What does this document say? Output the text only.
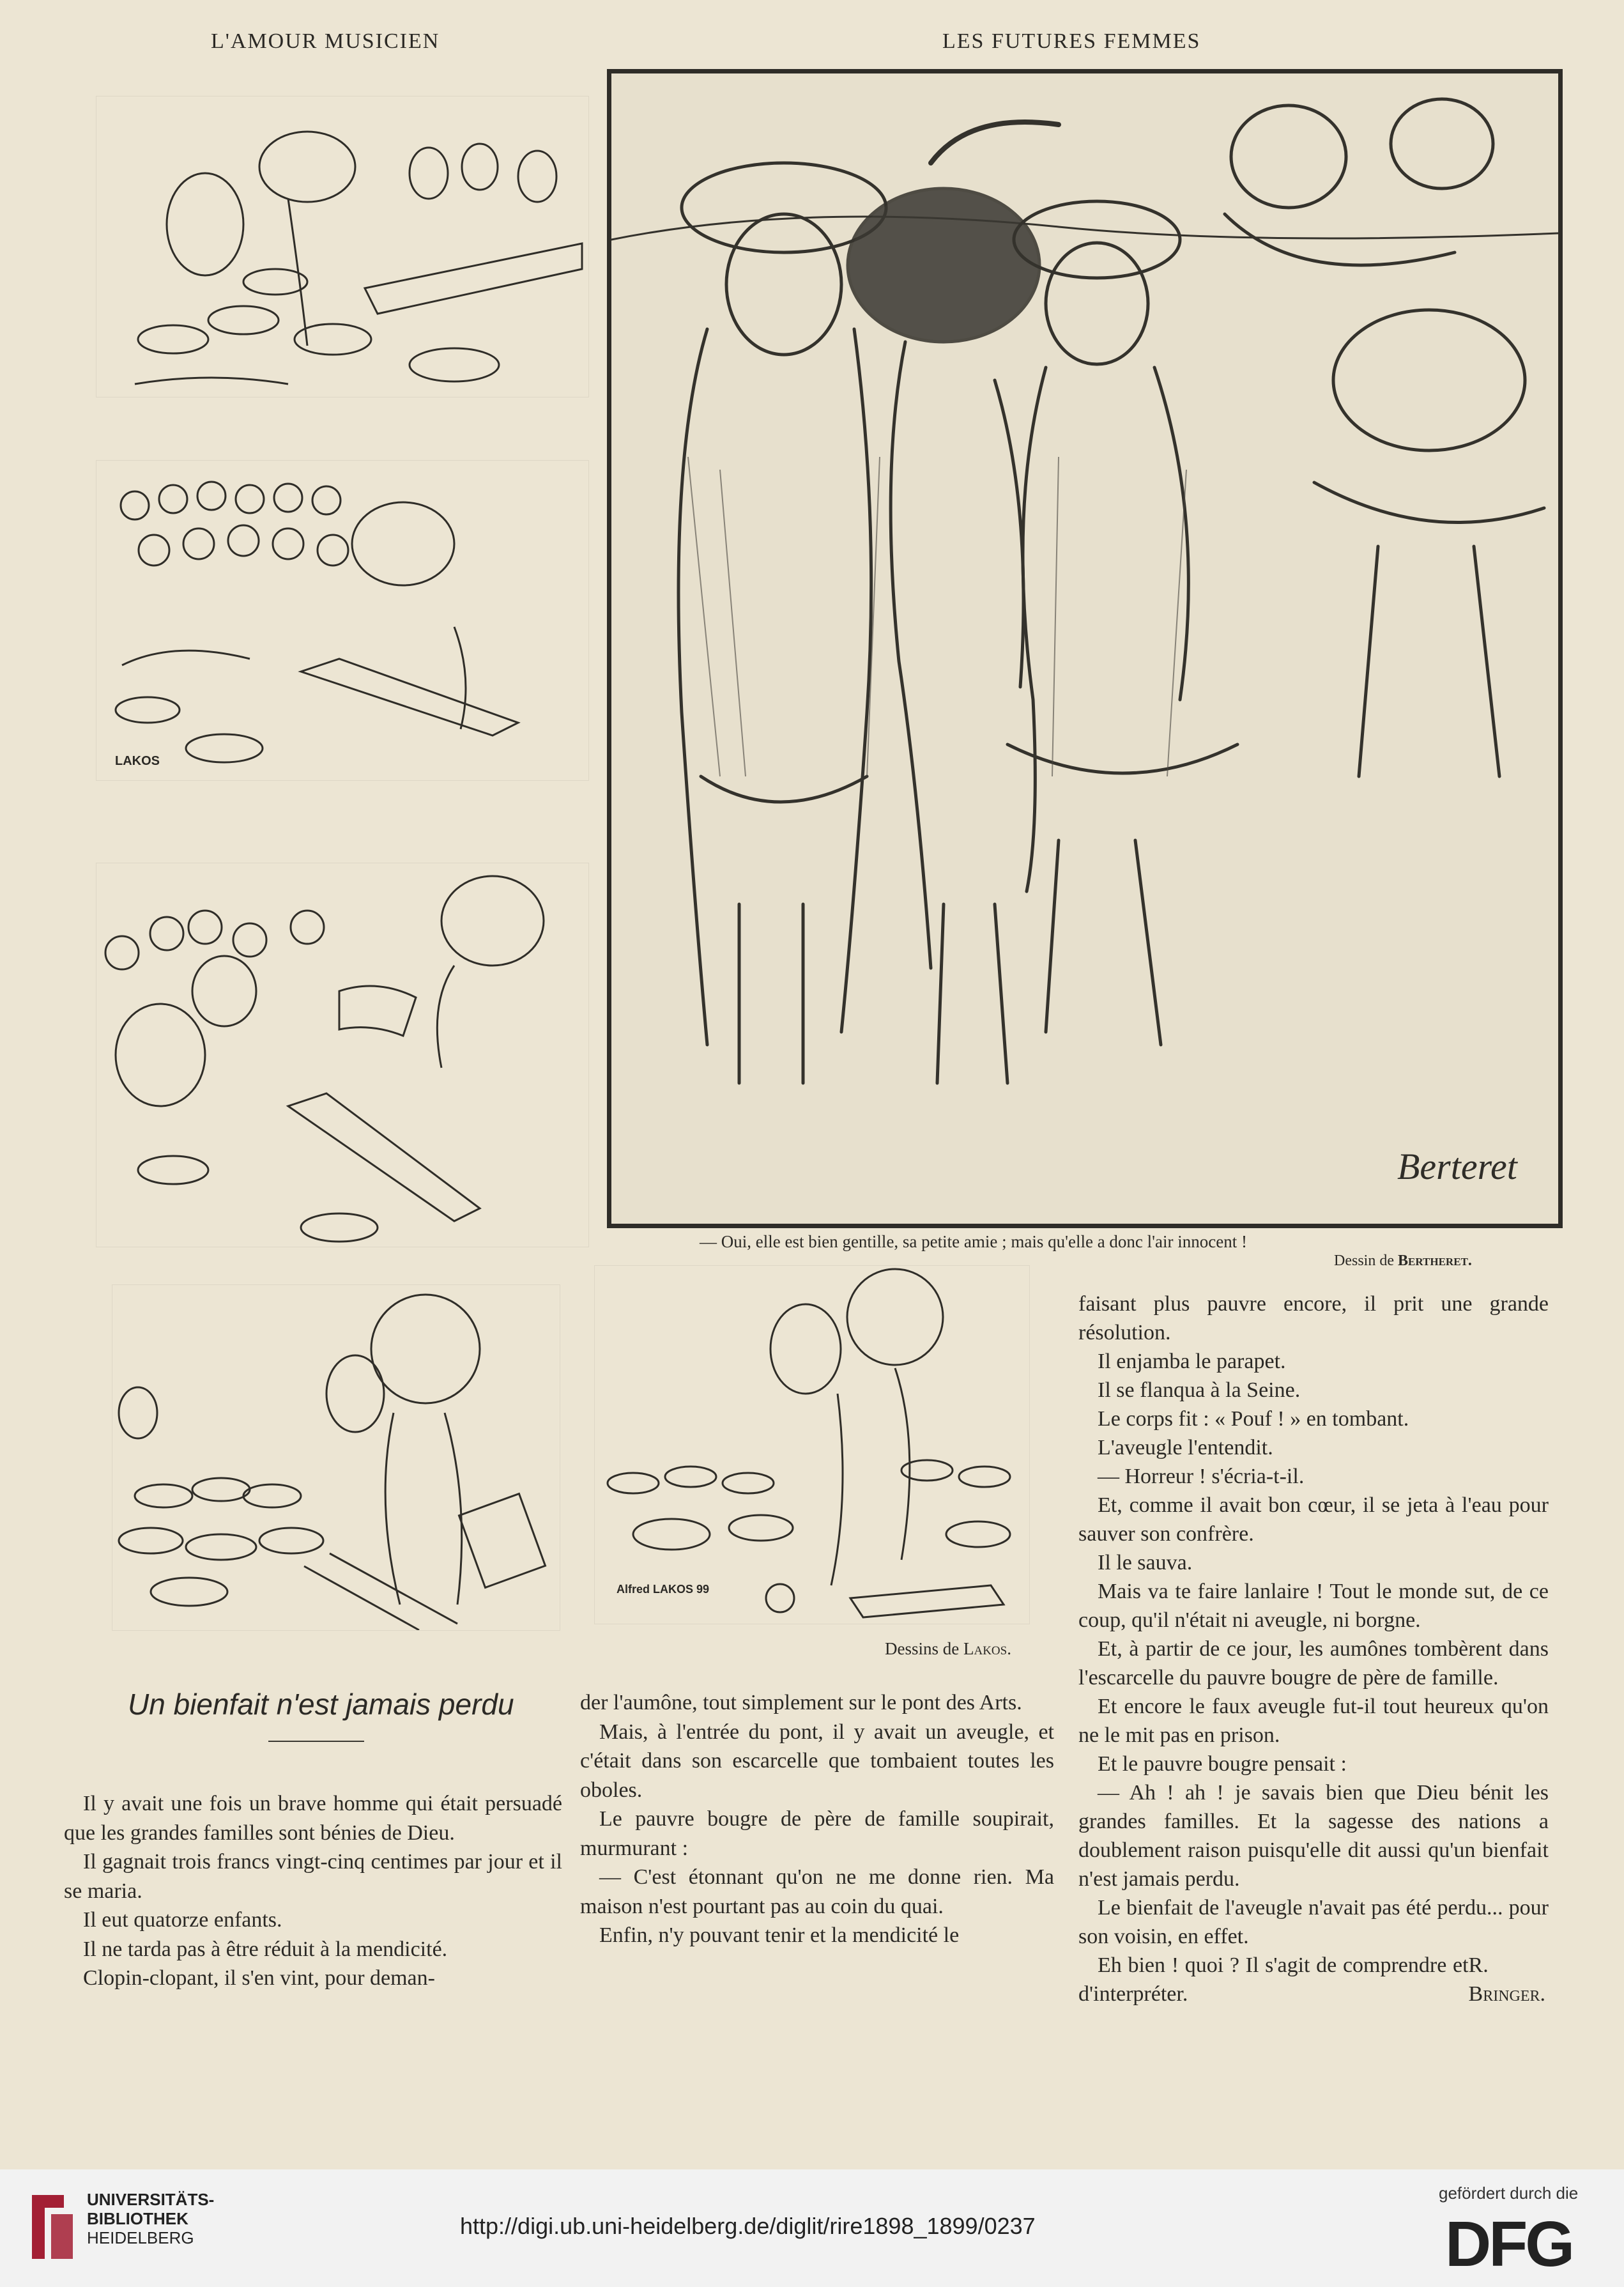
L'AMOUR MUSICIEN	LES FUTURES FEMMES
LAKOS
Alfred LAKOS 99
Dessins de Lakos.
Berteret
— Oui, elle est bien gentille, sa petite amie ; mais qu'elle a donc l'air innocent !
Dessin de Bertheret.
Un bienfait n'est jamais perdu

Il y avait une fois un brave homme qui était persuadé que les grandes familles sont bénies de Dieu.

Il gagnait trois francs vingt-cinq centimes par jour et il se maria.

Il eut quatorze enfants.

Il ne tarda pas à être réduit à la mendicité.

Clopin-clopant, il s'en vint, pour deman-

der l'aumône, tout simplement sur le pont des Arts.

Mais, à l'entrée du pont, il y avait un aveugle, et c'était dans son escarcelle que tombaient toutes les oboles.

Le pauvre bougre de père de famille soupirait, murmurant :

— C'est étonnant qu'on ne me donne rien. Ma maison n'est pourtant pas au coin du quai.

Enfin, n'y pouvant tenir et la mendicité le

faisant plus pauvre encore, il prit une grande résolution.

Il enjamba le parapet.

Il se flanqua à la Seine.

Le corps fit : « Pouf ! » en tombant.

L'aveugle l'entendit.

— Horreur ! s'écria-t-il.

Et, comme il avait bon cœur, il se jeta à l'eau pour sauver son confrère.

Il le sauva.

Mais va te faire lanlaire ! Tout le monde sut, de ce coup, qu'il n'était ni aveugle, ni borgne.

Et, à partir de ce jour, les aumônes tombèrent dans l'escarcelle du pauvre bougre de père de famille.

Et encore le faux aveugle fut-il tout heureux qu'on ne le mit pas en prison.

Et le pauvre bougre pensait :

— Ah ! ah ! je savais bien que Dieu bénit les grandes familles. Et la sagesse des nations a doublement raison puisqu'elle dit aussi qu'un bienfait n'est jamais perdu.

Le bienfait de l'aveugle n'avait pas été perdu... pour son voisin, en effet.

Eh bien ! quoi ? Il s'agit de comprendre et d'interpréter.

R. Bringer.
UNIVERSITÄTS-
BIBLIOTHEK
HEIDELBERG	http://digi.ub.uni-heidelberg.de/diglit/rire1898_1899/0237
gefördert durch die
DFG
